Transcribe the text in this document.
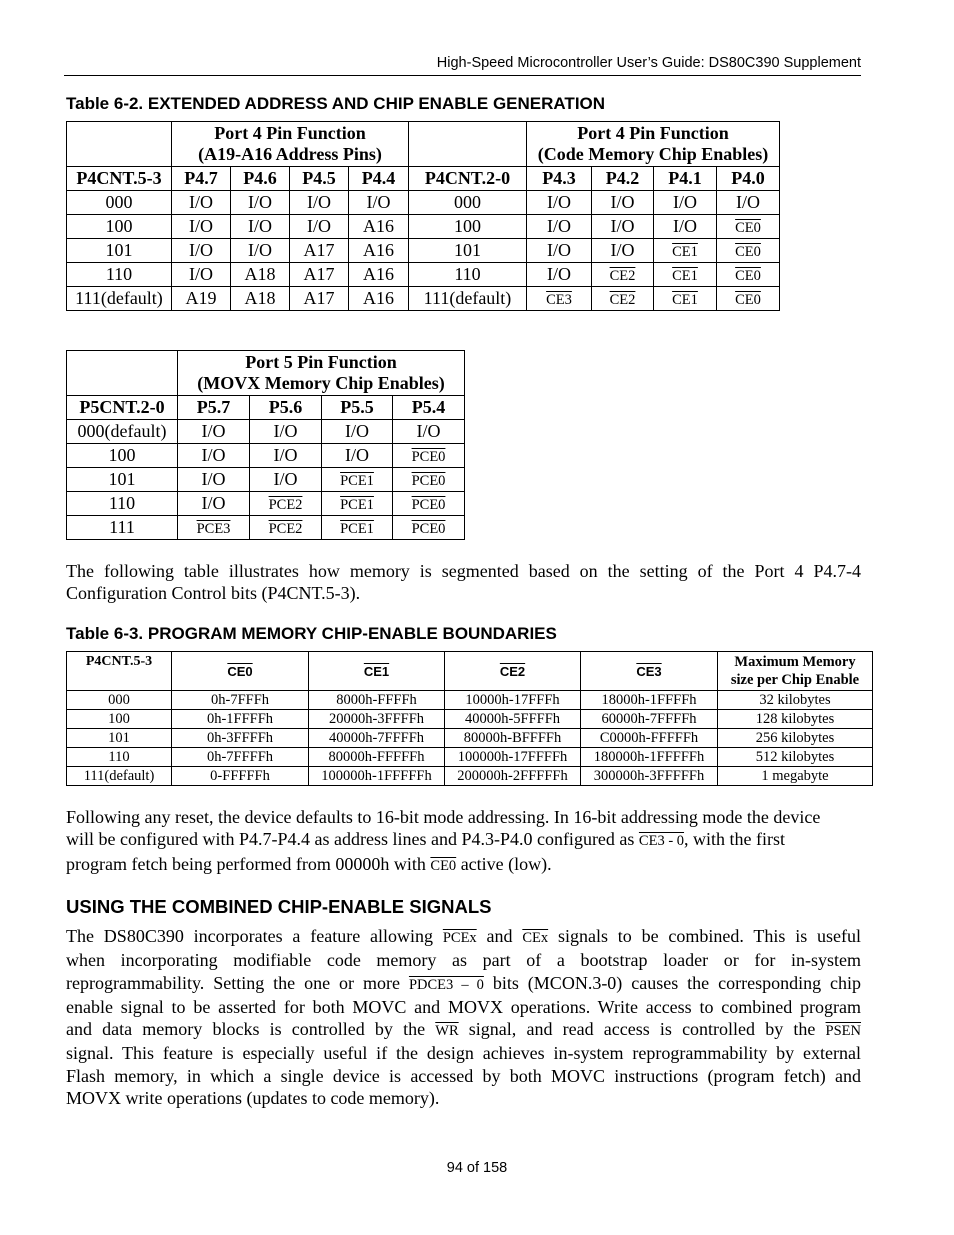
High-Speed Microcontroller User’s Guide: DS80C390 Supplement
Table 6-2. EXTENDED ADDRESS AND CHIP ENABLE GENERATION
	Port 4 Pin Function
(A19-A16 Address Pins)					Port 4 Pin Function
(Code Memory Chip Enables)			
P4CNT.5-3	P4.7	P4.6	P4.5	P4.4	P4CNT.2-0	P4.3	P4.2	P4.1	P4.0
000	I/O	I/O	I/O	I/O	000	I/O	I/O	I/O	I/O
100	I/O	I/O	I/O	A16	100	I/O	I/O	I/O	CE0
101	I/O	I/O	A17	A16	101	I/O	I/O	CE1	CE0
110	I/O	A18	A17	A16	110	I/O	CE2	CE1	CE0
111(default)	A19	A18	A17	A16	111(default)	CE3	CE2	CE1	CE0
	Port 5 Pin Function
(MOVX Memory Chip Enables)			
P5CNT.2-0	P5.7	P5.6	P5.5	P5.4
000(default)	I/O	I/O	I/O	I/O
100	I/O	I/O	I/O	PCE0
101	I/O	I/O	PCE1	PCE0
110	I/O	PCE2	PCE1	PCE0
111	PCE3	PCE2	PCE1	PCE0
The following table illustrates how memory is segmented based on the setting of the Port 4 P4.7-4
Configuration Control bits (P4CNT.5-3).
Table 6-3. PROGRAM MEMORY CHIP-ENABLE BOUNDARIES
P4CNT.5-3	CE0	CE1	CE2	CE3	Maximum Memory
size per Chip Enable
000	0h-7FFFh	8000h-FFFFh	10000h-17FFFh	18000h-1FFFFh	32 kilobytes
100	0h-1FFFFh	20000h-3FFFFh	40000h-5FFFFh	60000h-7FFFFh	128 kilobytes
101	0h-3FFFFh	40000h-7FFFFh	80000h-BFFFFh	C0000h-FFFFFh	256 kilobytes
110	0h-7FFFFh	80000h-FFFFFh	100000h-17FFFFh	180000h-1FFFFFh	512 kilobytes
111(default)	0-FFFFFh	100000h-1FFFFFh	200000h-2FFFFFh	300000h-3FFFFFh	1 megabyte
Following any reset, the device defaults to 16-bit mode addressing. In 16-bit addressing mode the device
will be configured with P4.7-P4.4 as address lines and P4.3-P4.0 configured as CE3 - 0, with the first
program fetch being performed from 00000h with CE0 active (low).
USING THE COMBINED CHIP-ENABLE SIGNALS
The DS80C390 incorporates a feature allowing PCEx and $\overline{CEx}$ signals to be combined. This is useful
when incorporating modifiable code memory as part of a bootstrap loader or for in-system
reprogrammability. Setting the one or more PDCE3 – 0 bits (MCON.3-0) causes the corresponding chip
enable signal to be asserted for both MOVC and MOVX operations. Write access to combined program
and data memory blocks is controlled by the $\overline{WR}$ signal, and read access is controlled by the PSEN
signal. This feature is especially useful if the design achieves in-system reprogrammability by external
Flash memory, in which a single device is accessed by both MOVC instructions (program fetch) and
MOVX write operations (updates to code memory).
94 of 158
